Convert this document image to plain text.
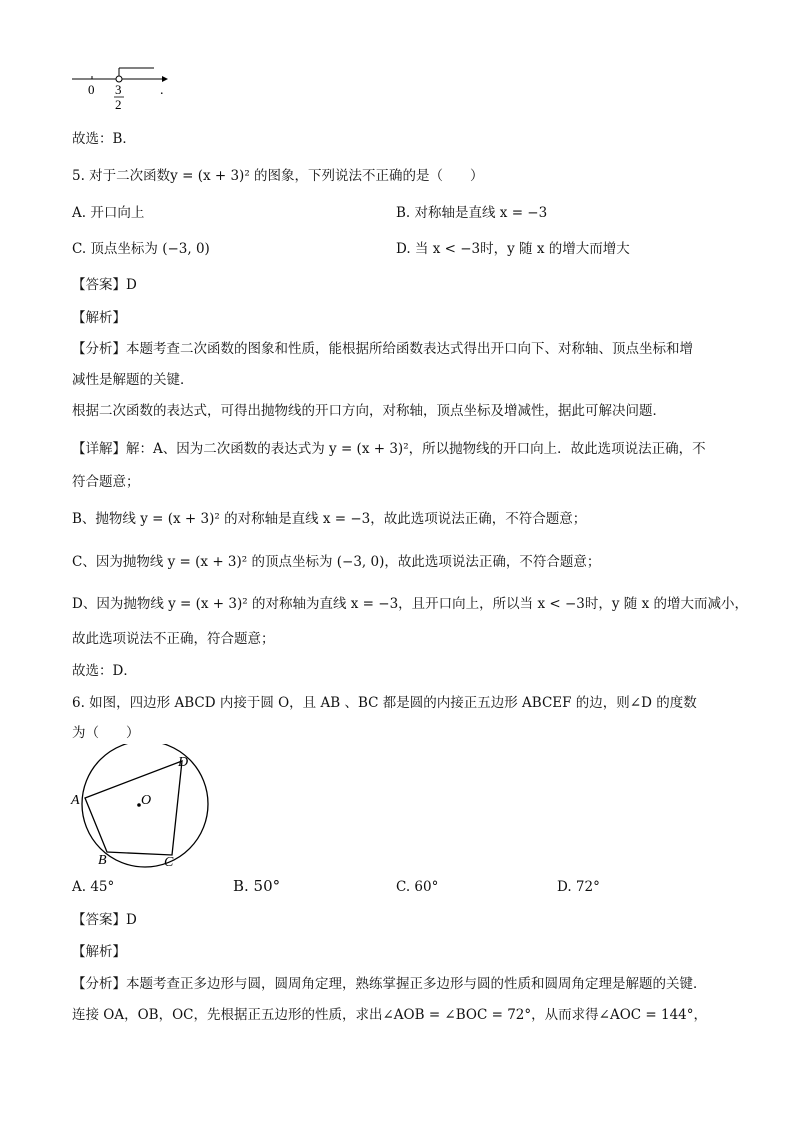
0 3
2
.
故选：B．
5. 对于二次函数y = (x + 3)² 的图象，下列说法不正确的是（　　）
A. 开口向上	B. 对称轴是直线 x = −3
C. 顶点坐标为 (−3, 0)	D. 当 x < −3时，y 随 x 的增大而增大
【答案】D
【解析】
【分析】本题考查二次函数的图象和性质，能根据所给函数表达式得出开口向下、对称轴、顶点坐标和增
减性是解题的关键．
根据二次函数的表达式，可得出抛物线的开口方向，对称轴，顶点坐标及增减性，据此可解决问题．
【详解】解：A、因为二次函数的表达式为 y = (x + 3)²，所以抛物线的开口向上．故此选项说法正确，不
符合题意；
B、抛物线 y = (x + 3)² 的对称轴是直线 x = −3，故此选项说法正确，不符合题意；
C、因为抛物线 y = (x + 3)² 的顶点坐标为 (−3, 0)，故此选项说法正确，不符合题意；
D、因为抛物线 y = (x + 3)² 的对称轴为直线 x = −3，且开口向上，所以当 x < −3时，y 随 x 的增大而减小，
故此选项说法不正确，符合题意；
故选：D．
6. 如图，四边形 ABCD 内接于圆 O，且 AB 、BC 都是圆的内接正五边形 ABCEF 的边，则∠D 的度数
为（　　）
A
B	C
D
O
A. 45°	B. 50°	C. 60°	D. 72°
【答案】D
【解析】
【分析】本题考查正多边形与圆，圆周角定理，熟练掌握正多边形与圆的性质和圆周角定理是解题的关键．
连接 OA，OB，OC，先根据正五边形的性质，求出∠AOB = ∠BOC = 72°，从而求得∠AOC = 144°，
